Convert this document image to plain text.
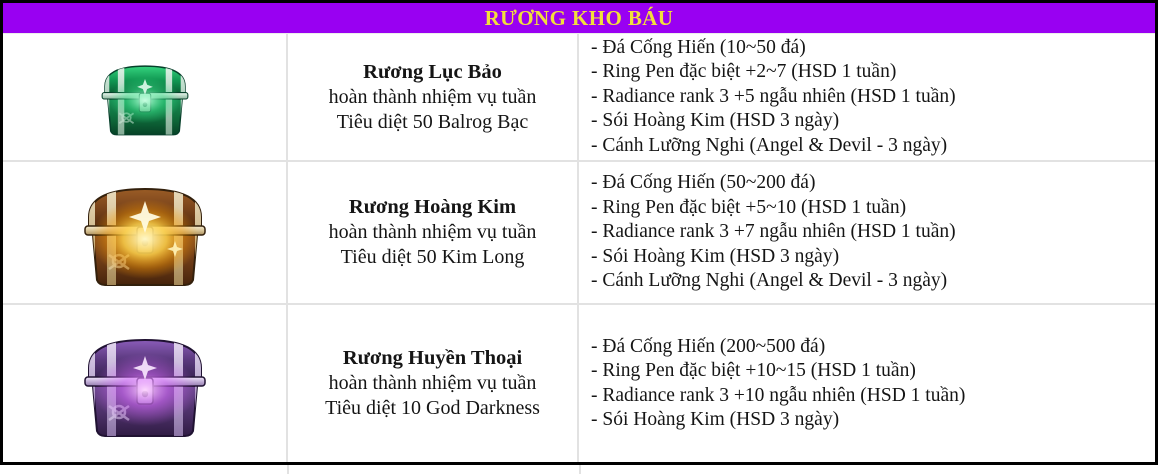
RƯƠNG KHO BÁU
Rương Lục Bảo
hoàn thành nhiệm vụ tuần
Tiêu diệt 50 Balrog Bạc
- Đá Cống Hiến (10~50 đá)
- Ring Pen đặc biệt +2~7 (HSD 1 tuần)
- Radiance rank 3 +5 ngẫu nhiên (HSD 1 tuần)
- Sói Hoàng Kim (HSD 3 ngày)
- Cánh Lưỡng Nghi (Angel & Devil - 3 ngày)
Rương Hoàng Kim
hoàn thành nhiệm vụ tuần
Tiêu diệt 50 Kim Long
- Đá Cống Hiến (50~200 đá)
- Ring Pen đặc biệt +5~10 (HSD 1 tuần)
- Radiance rank 3 +7 ngẫu nhiên (HSD 1 tuần)
- Sói Hoàng Kim (HSD 3 ngày)
- Cánh Lưỡng Nghi (Angel & Devil - 3 ngày)
Rương Huyền Thoại
hoàn thành nhiệm vụ tuần
Tiêu diệt 10 God Darkness
- Đá Cống Hiến (200~500 đá)
- Ring Pen đặc biệt +10~15 (HSD 1 tuần)
- Radiance rank 3 +10 ngẫu nhiên (HSD 1 tuần)
- Sói Hoàng Kim (HSD 3 ngày)
